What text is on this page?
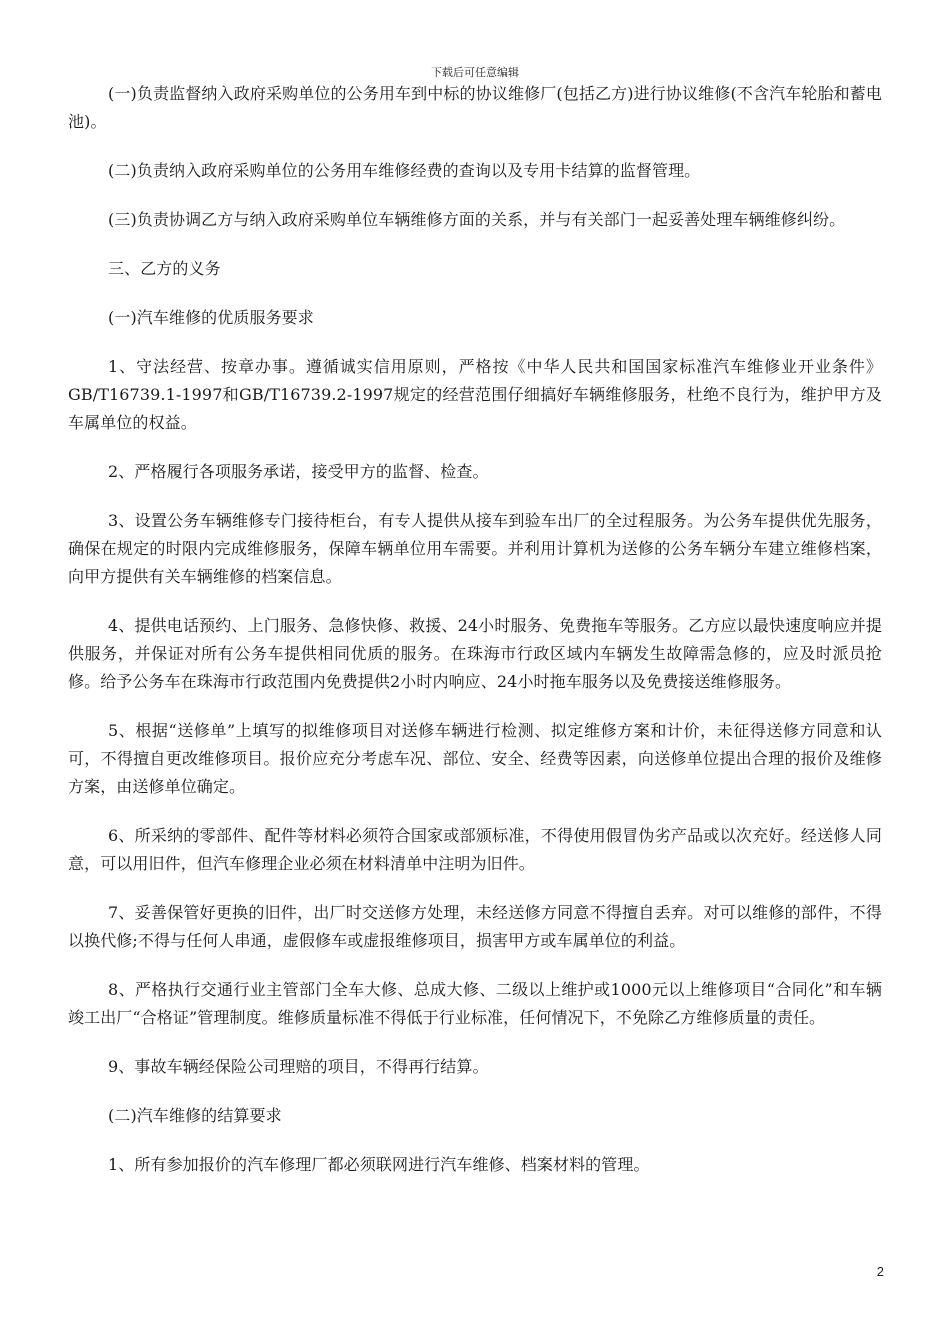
下载后可任意编辑

(一)负责监督纳入政府采购单位的公务用车到中标的协议维修厂(包括乙方)进行协议维修(不含汽车轮胎和蓄电池)。

(二)负责纳入政府采购单位的公务用车维修经费的查询以及专用卡结算的监督管理。

(三)负责协调乙方与纳入政府采购单位车辆维修方面的关系，并与有关部门一起妥善处理车辆维修纠纷。

三、乙方的义务

(一)汽车维修的优质服务要求

1、守法经营、按章办事。遵循诚实信用原则，严格按《中华人民共和国国家标准汽车维修业开业条件》GB/T16739.1-1997和GB/T16739.2-1997规定的经营范围仔细搞好车辆维修服务，杜绝不良行为，维护甲方及车属单位的权益。

2、严格履行各项服务承诺，接受甲方的监督、检查。

3、设置公务车辆维修专门接待柜台，有专人提供从接车到验车出厂的全过程服务。为公务车提供优先服务，确保在规定的时限内完成维修服务，保障车辆单位用车需要。并利用计算机为送修的公务车辆分车建立维修档案，向甲方提供有关车辆维修的档案信息。

4、提供电话预约、上门服务、急修快修、救援、24小时服务、免费拖车等服务。乙方应以最快速度响应并提供服务，并保证对所有公务车提供相同优质的服务。在珠海市行政区域内车辆发生故障需急修的，应及时派员抢修。给予公务车在珠海市行政范围内免费提供2小时内响应、24小时拖车服务以及免费接送维修服务。

5、根据“送修单”上填写的拟维修项目对送修车辆进行检测、拟定维修方案和计价，未征得送修方同意和认可，不得擅自更改维修项目。报价应充分考虑车况、部位、安全、经费等因素，向送修单位提出合理的报价及维修方案，由送修单位确定。

6、所采纳的零部件、配件等材料必须符合国家或部颁标准，不得使用假冒伪劣产品或以次充好。经送修人同意，可以用旧件，但汽车修理企业必须在材料清单中注明为旧件。

7、妥善保管好更换的旧件，出厂时交送修方处理，未经送修方同意不得擅自丢弃。对可以维修的部件，不得以换代修;不得与任何人串通，虚假修车或虚报维修项目，损害甲方或车属单位的利益。

8、严格执行交通行业主管部门全车大修、总成大修、二级以上维护或1000元以上维修项目“合同化”和车辆竣工出厂“合格证”管理制度。维修质量标准不得低于行业标准，任何情况下，不免除乙方维修质量的责任。

9、事故车辆经保险公司理赔的项目，不得再行结算。

(二)汽车维修的结算要求

1、所有参加报价的汽车修理厂都必须联网进行汽车维修、档案材料的管理。

2
